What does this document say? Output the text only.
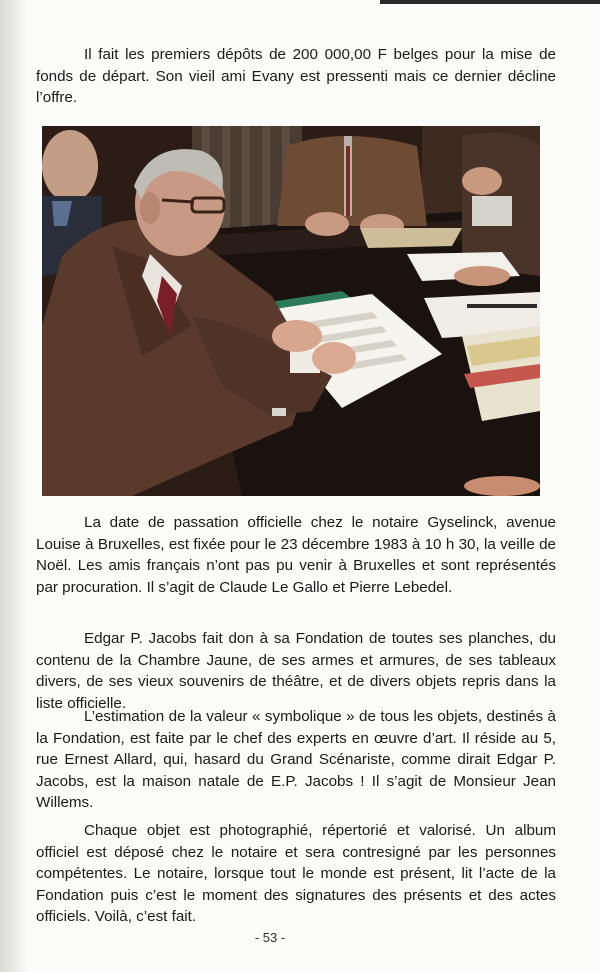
Il fait les premiers dépôts de 200 000,00 F belges pour la mise de fonds de départ. Son vieil ami Evany est pressenti mais ce dernier décline l’offre.

La date de passation officielle chez le notaire Gyselinck, avenue Louise à Bruxelles, est fixée pour le 23 décembre 1983 à 10 h 30, la veille de Noël. Les amis français n’ont pas pu venir à Bruxelles et sont représentés par procuration. Il s’agit de Claude Le Gallo et Pierre Lebedel.

Edgar P. Jacobs fait don à sa Fondation de toutes ses planches, du contenu de la Chambre Jaune, de ses armes et armures, de ses tableaux divers, de ses vieux souvenirs de théâtre, et de divers objets repris dans la liste officielle.

L’estimation de la valeur « symbolique » de tous les objets, destinés à la Fondation, est faite par le chef des experts en œuvre d’art. Il réside au 5, rue Ernest Allard, qui, hasard du Grand Scénariste, comme dirait Edgar P. Jacobs, est la maison natale de E.P. Jacobs ! Il s’agit de Monsieur Jean Willems.

Chaque objet est photographié, répertorié et valorisé. Un album officiel est déposé chez le notaire et sera contresigné par les personnes compétentes. Le notaire, lorsque tout le monde est présent, lit l’acte de la Fondation puis c’est le moment des signatures des présents et des actes officiels. Voilà, c’est fait.

- 53 -
